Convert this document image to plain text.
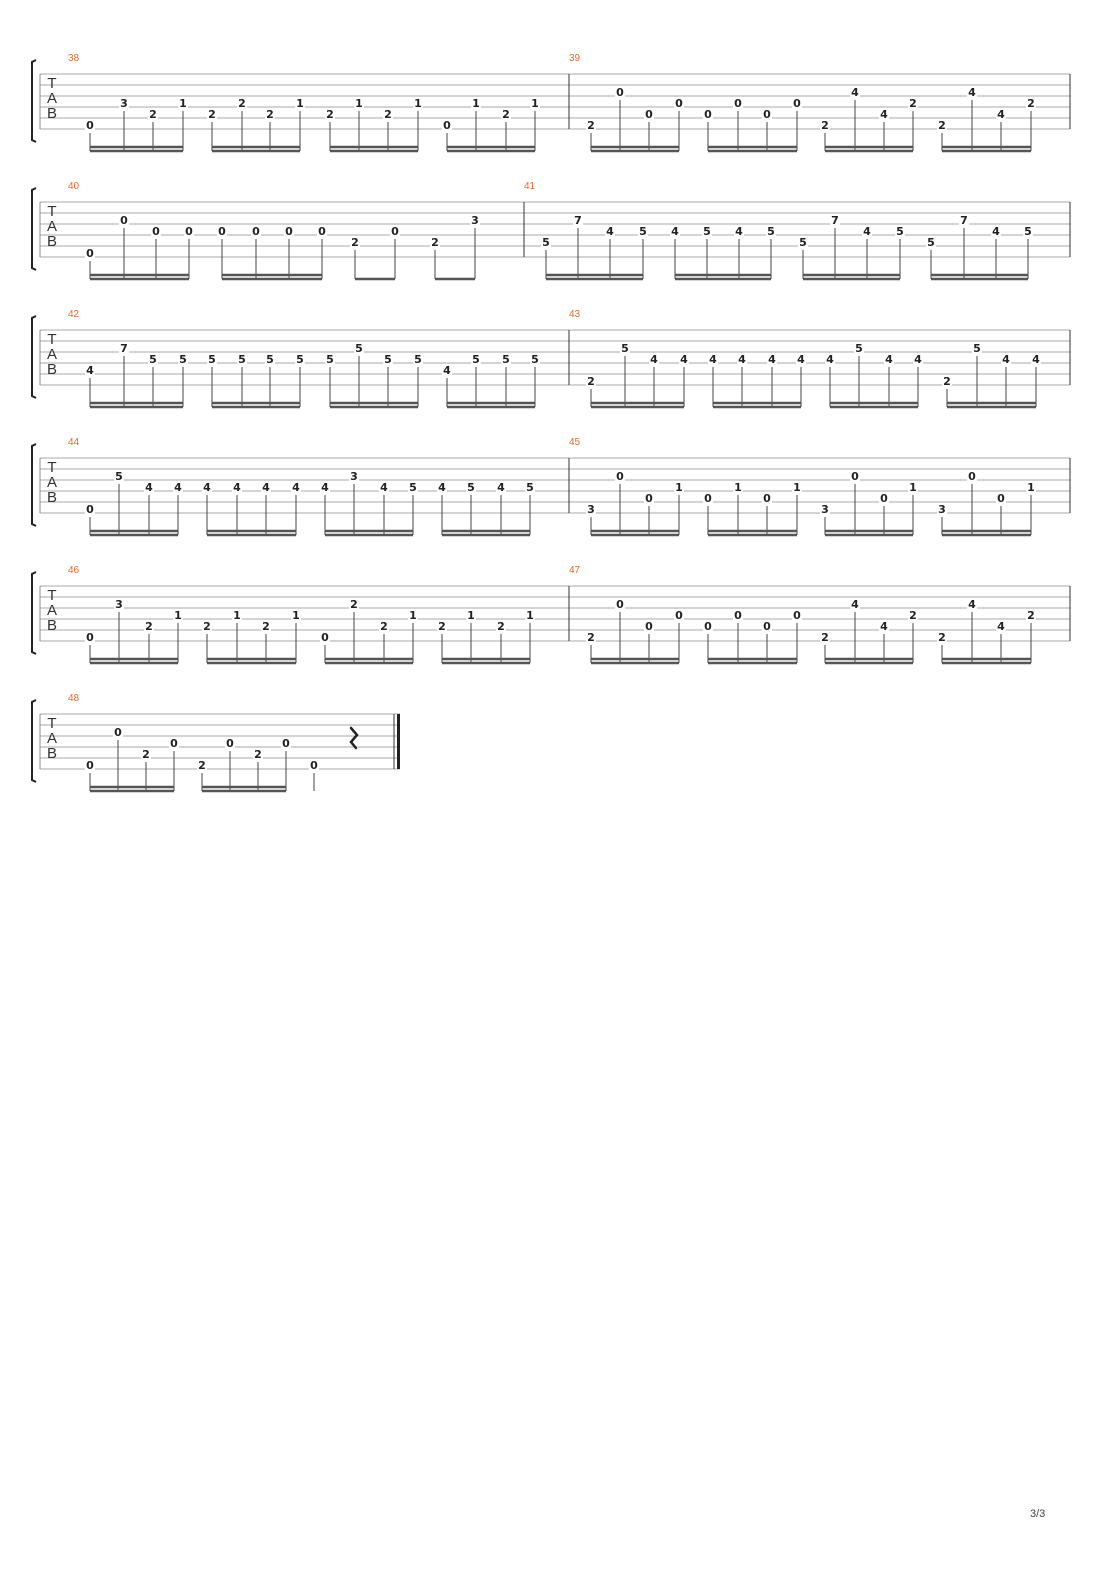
T
A
B
38
0
3
2
1
2
2
2
1
2
1
2
1
0
1
2
1
39
2
0
0
0
0
0
0
0
2
4
4
2
2
4
4
2
T
A
B
40
0
0
0 0 0 0 0 0
2
0
2
3
41
5
7
4 5 4 5 4 5
5
7
4 5
5
7
4 5
T
A
B
42
4
7
5 5 5 5 5 5 5
5
5 5
4
5 5 5
43
2
5
4 4 4 4 4 4 4
5
4 4
2
5
4 4
T
A
B
44
0
5
4 4 4 4 4 4 4
3
4 5 4 5 4 5
45
3
0
0
1
0
1
0
1
3
0
0
1
3
0
0
1
T
A
B
46
0
3
2
1
2
1
2
1
0
2
2
1
2
1
2
1
47
2
0
0
0
0
0
0
0
2
4
4
2
2
4
4
2
T
A
B
48
0
0
2
0
2
0
2
0
0
3/3
